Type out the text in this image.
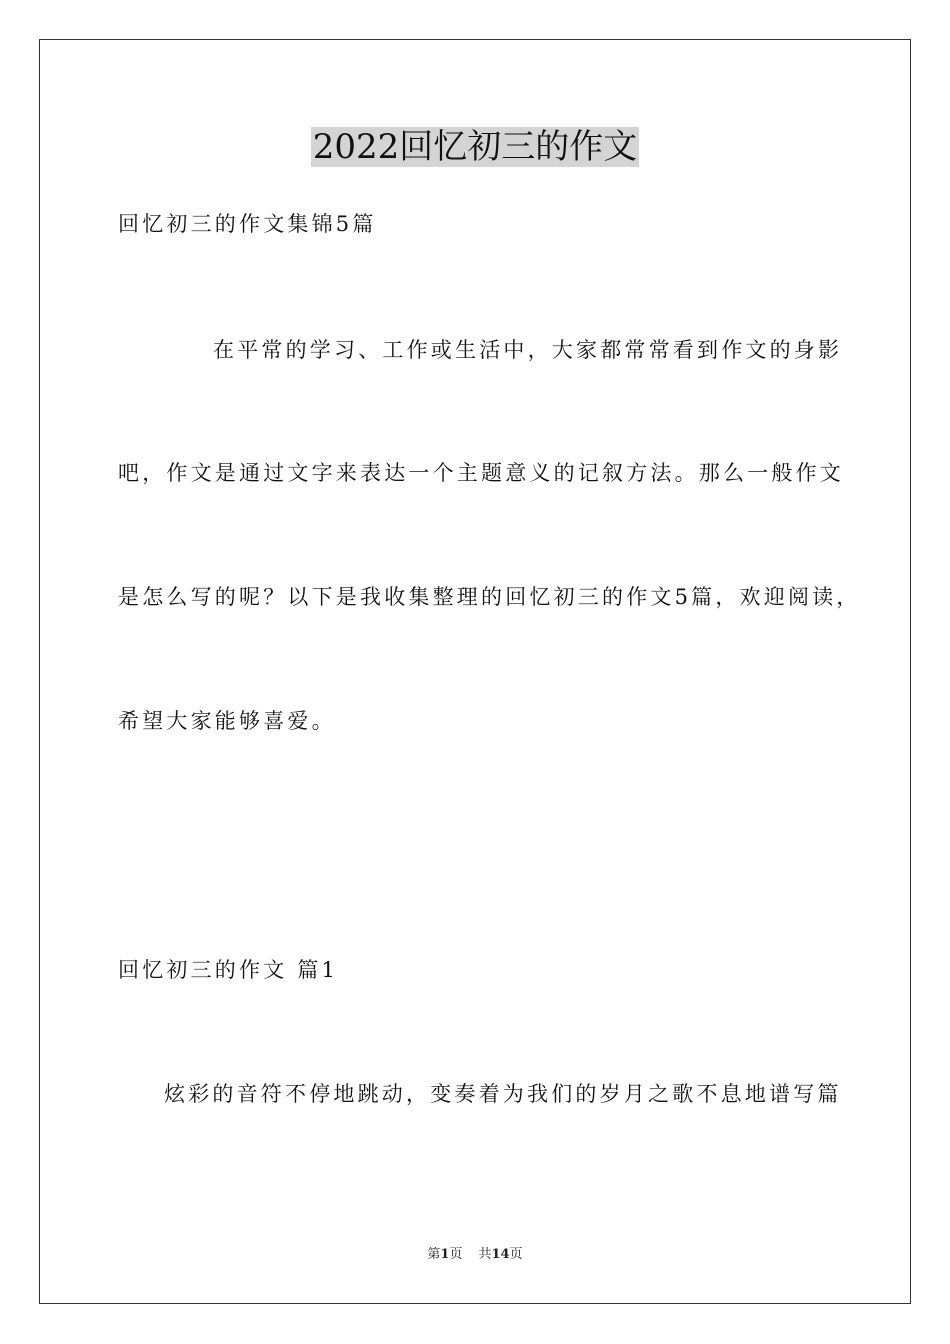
2022回忆初三的作文

回忆初三的作文集锦5篇

在平常的学习、工作或生活中，大家都常常看到作文的身影

吧，作文是通过文字来表达一个主题意义的记叙方法。那么一般作文

是怎么写的呢？以下是我收集整理的回忆初三的作文5篇，欢迎阅读，

希望大家能够喜爱。

回忆初三的作文 篇1

炫彩的音符不停地跳动，变奏着为我们的岁月之歌不息地谱写篇

第1页 共14页
